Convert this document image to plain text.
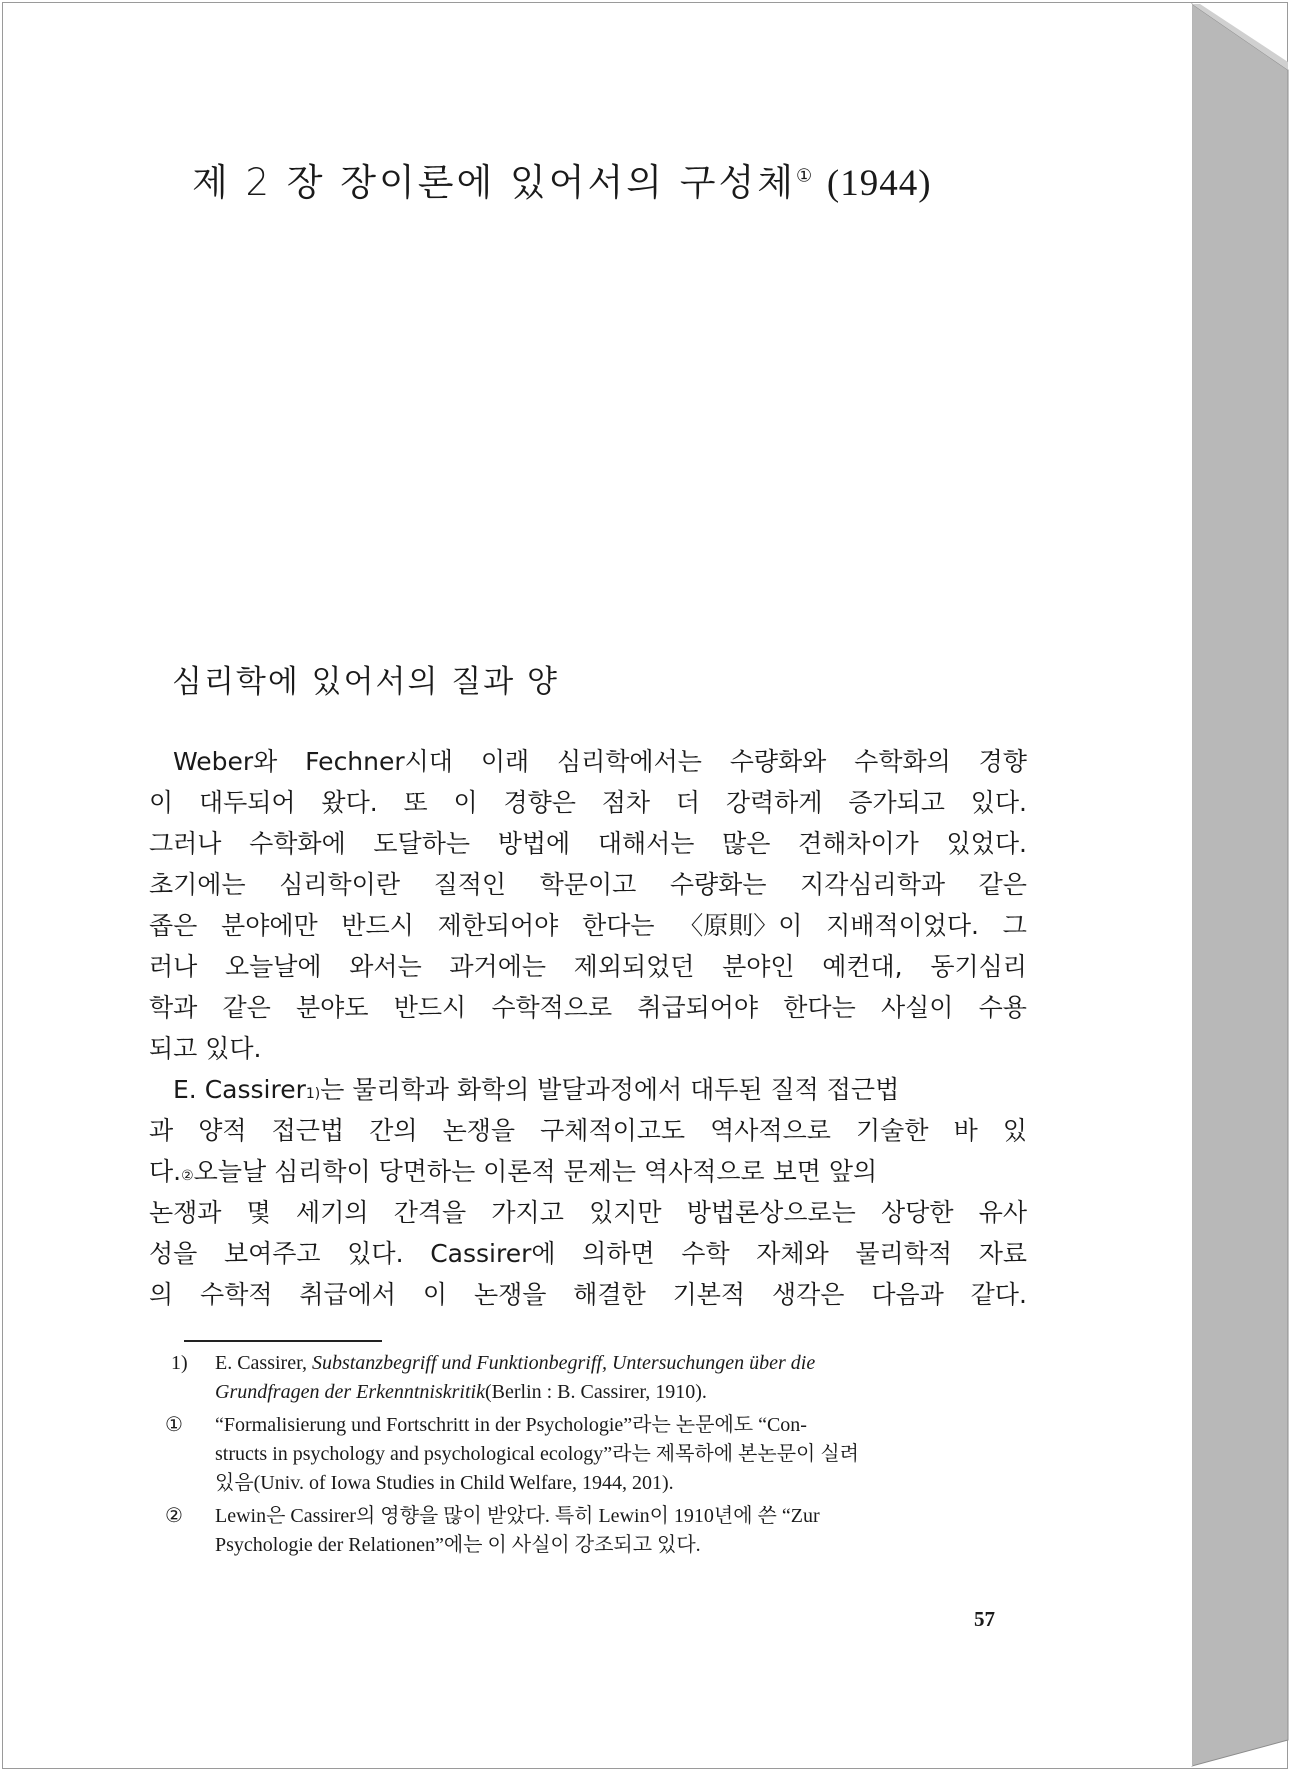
제 2 장 장이론에 있어서의 구성체① (1944)
심리학에 있어서의 질과 양
Weber와 Fechner시대 이래 심리학에서는 수량화와 수학화의 경향
이 대두되어 왔다. 또 이 경향은 점차 더 강력하게 증가되고 있다.
그러나 수학화에 도달하는 방법에 대해서는 많은 견해차이가 있었다.
초기에는 심리학이란 질적인 학문이고 수량화는 지각심리학과 같은
좁은 분야에만 반드시 제한되어야 한다는 〈原則〉이 지배적이었다. 그
러나 오늘날에 와서는 과거에는 제외되었던 분야인 예컨대, 동기심리
학과 같은 분야도 반드시 수학적으로 취급되어야 한다는 사실이 수용
되고 있다.
E. Cassirer 1) 는 물리학과 화학의 발달과정에서 대두된 질적 접근법
과 양적 접근법 간의 논쟁을 구체적이고도 역사적으로 기술한 바 있
다. ② 오늘날 심리학이 당면하는 이론적 문제는 역사적으로 보면 앞의
논쟁과 몇 세기의 간격을 가지고 있지만 방법론상으로는 상당한 유사
성을 보여주고 있다. Cassirer에 의하면 수학 자체와 물리학적 자료
의 수학적 취급에서 이 논쟁을 해결한 기본적 생각은 다음과 같다.
1) E. Cassirer, Substanzbegriff und Funktionbegriff, Untersuchungen über die
Grundfragen der Erkenntniskritik(Berlin : B. Cassirer, 1910).
① “Formalisierung und Fortschritt in der Psychologie”라는 논문에도 “Con-
structs in psychology and psychological ecology”라는 제목하에 본논문이 실려
있음(Univ. of Iowa Studies in Child Welfare, 1944, 201).
② Lewin은 Cassirer의 영향을 많이 받았다. 특히 Lewin이 1910년에 쓴 “Zur
Psychologie der Relationen”에는 이 사실이 강조되고 있다.
57
